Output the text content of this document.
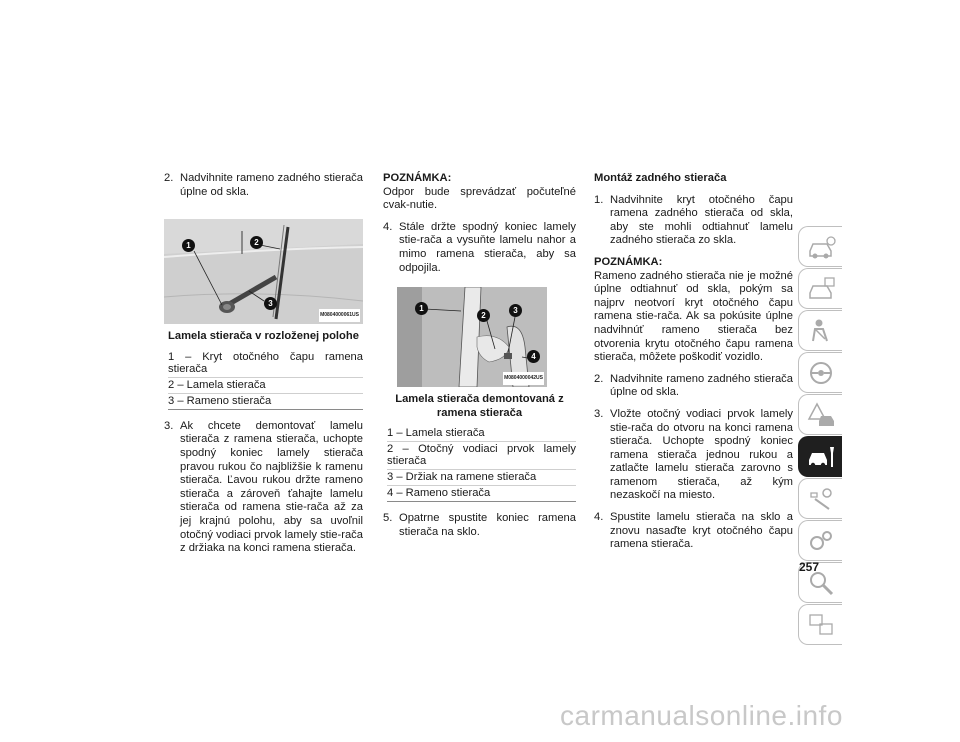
2. Nadvihnite rameno zadného stierača úplne od skla.
1	2
3
M0804000061US
Lamela stierača v rozloženej polohe
1 – Kryt otočného čapu ramena stierača
2 – Lamela stierača
3 – Rameno stierača
3. Ak chcete demontovať lamelu stierača z ramena stierača, uchopte spodný koniec lamely stierača pravou rukou čo najbližšie k ramenu stierača. Ľavou rukou držte rameno stierača a zároveň ťahajte lamelu stierača od ramena stie-rača až za jej krajnú polohu, aby sa uvoľnil otočný vodiaci prvok lamely stie-rača z držiaka na konci ramena stierača.
POZNÁMKA:
Odpor bude sprevádzať počuteľné cvak-nutie.
4. Stále držte spodný koniec lamely stie-rača a vysuňte lamelu nahor a mimo ramena stierača, aby sa odpojila.
1
2
3
4
M0804000042US
Lamela stierača demontovaná z ramena stierača
1 – Lamela stierača
2 – Otočný vodiaci prvok lamely stierača
3 – Držiak na ramene stierača
4 – Rameno stierača
5. Opatrne spustite koniec ramena stierača na sklo.
Montáž zadného stierača
1. Nadvihnite kryt otočného čapu ramena zadného stierača od skla, aby ste mohli odtiahnuť lamelu zadného stierača zo skla.
POZNÁMKA:
Rameno zadného stierača nie je možné úplne odtiahnuť od skla, pokým sa najprv neotvorí kryt otočného čapu ramena stie-rača. Ak sa pokúsite úplne nadvihnúť rameno stierača bez otvorenia krytu otočného čapu ramena stierača, môžete poškodiť vozidlo.
2. Nadvihnite rameno zadného stierača úplne od skla.
3. Vložte otočný vodiaci prvok lamely stie-rača do otvoru na konci ramena stierača. Uchopte spodný koniec ramena stierača jednou rukou a zatlačte lamelu stierača zarovno s ramenom stierača, až kým nezaskočí na miesto.
4. Spustite lamelu stierača na sklo a znovu nasaďte kryt otočného čapu ramena stierača.
257
carmanualsonline.info
